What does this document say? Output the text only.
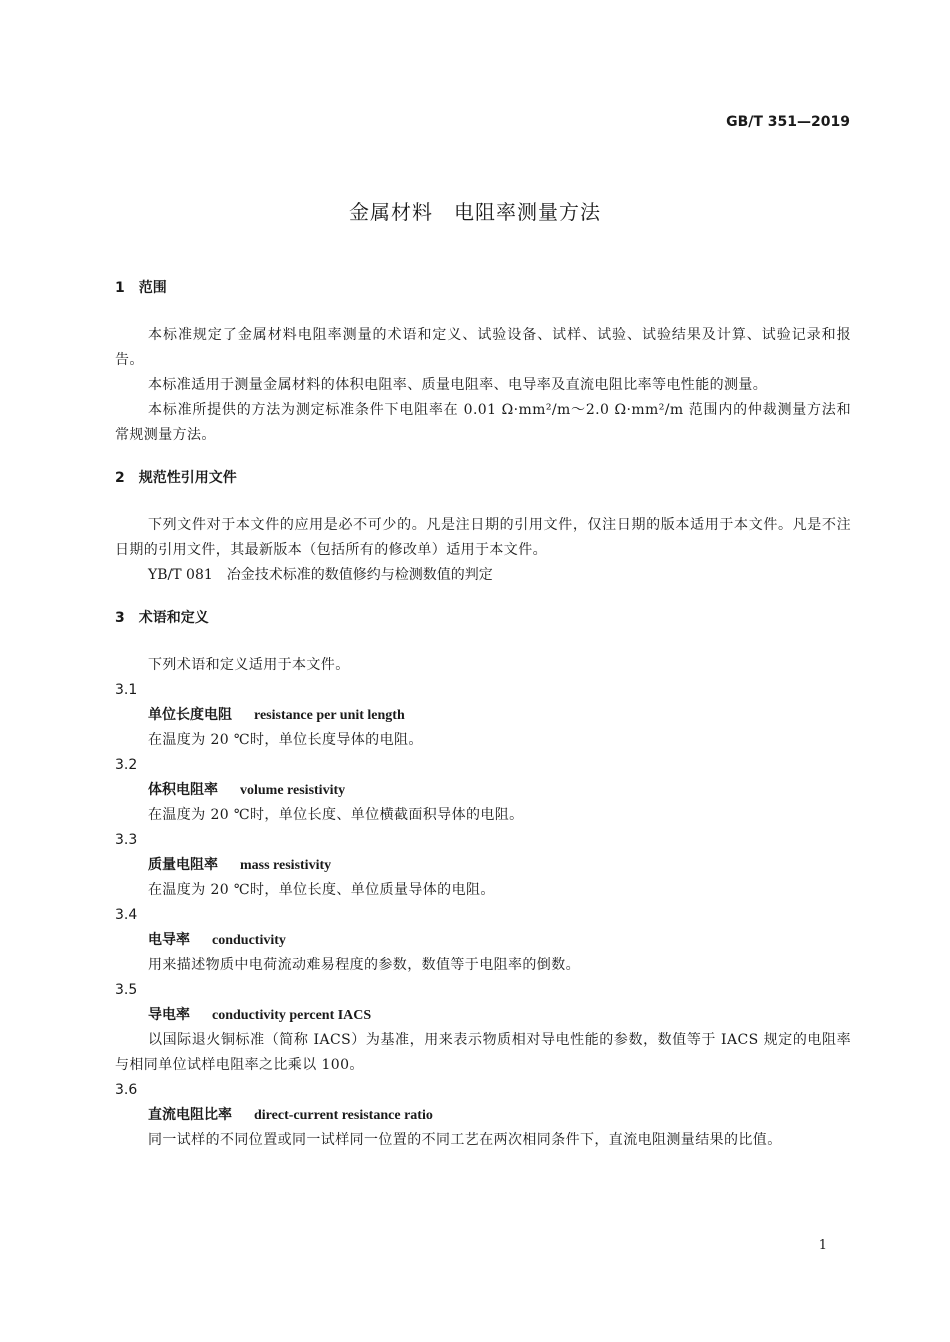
GB/T 351—2019
金属材料　电阻率测量方法
1　范围
本标准规定了金属材料电阻率测量的术语和定义、试验设备、试样、试验、试验结果及计算、试验记录和报告。
本标准适用于测量金属材料的体积电阻率、质量电阻率、电导率及直流电阻比率等电性能的测量。
本标准所提供的方法为测定标准条件下电阻率在 0.01 Ω·mm²/m～2.0 Ω·mm²/m 范围内的仲裁测量方法和常规测量方法。
2　规范性引用文件
下列文件对于本文件的应用是必不可少的。凡是注日期的引用文件，仅注日期的版本适用于本文件。凡是不注日期的引用文件，其最新版本（包括所有的修改单）适用于本文件。
YB/T 081　冶金技术标准的数值修约与检测数值的判定
3　术语和定义
下列术语和定义适用于本文件。
3.1
单位长度电阻 resistance per unit length
在温度为 20 ℃时，单位长度导体的电阻。
3.2
体积电阻率 volume resistivity
在温度为 20 ℃时，单位长度、单位横截面积导体的电阻。
3.3
质量电阻率 mass resistivity
在温度为 20 ℃时，单位长度、单位质量导体的电阻。
3.4
电导率 conductivity
用来描述物质中电荷流动难易程度的参数，数值等于电阻率的倒数。
3.5
导电率 conductivity percent IACS
以国际退火铜标准（简称 IACS）为基准，用来表示物质相对导电性能的参数，数值等于 IACS 规定的电阻率与相同单位试样电阻率之比乘以 100。
3.6
直流电阻比率 direct-current resistance ratio
同一试样的不同位置或同一试样同一位置的不同工艺在两次相同条件下，直流电阻测量结果的比值。
1
